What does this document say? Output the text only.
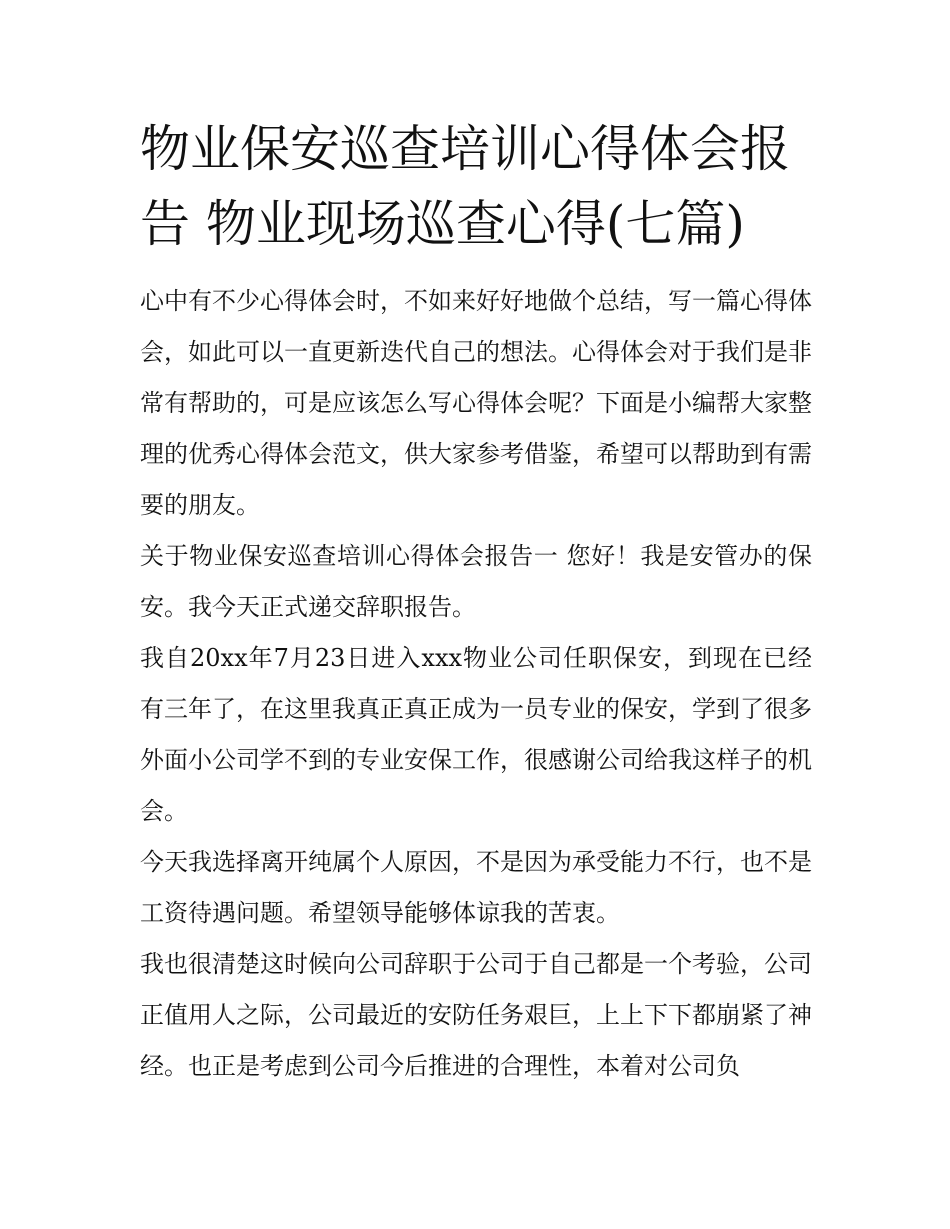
物业保安巡查培训心得体会报告 物业现场巡查心得(七篇)

心中有不少心得体会时，不如来好好地做个总结，写一篇心得体会，如此可以一直更新迭代自己的想法。心得体会对于我们是非常有帮助的，可是应该怎么写心得体会呢？下面是小编帮大家整理的优秀心得体会范文，供大家参考借鉴，希望可以帮助到有需要的朋友。

关于物业保安巡查培训心得体会报告一 您好！我是安管办的保安。我今天正式递交辞职报告。

我自20xx年7月23日进入xxx物业公司任职保安，到现在已经有三年了，在这里我真正真正成为一员专业的保安，学到了很多外面小公司学不到的专业安保工作，很感谢公司给我这样子的机会。

今天我选择离开纯属个人原因，不是因为承受能力不行，也不是工资待遇问题。希望领导能够体谅我的苦衷。

我也很清楚这时候向公司辞职于公司于自己都是一个考验，公司正值用人之际，公司最近的安防任务艰巨，上上下下都崩紧了神经。也正是考虑到公司今后推进的合理性，本着对公司负
